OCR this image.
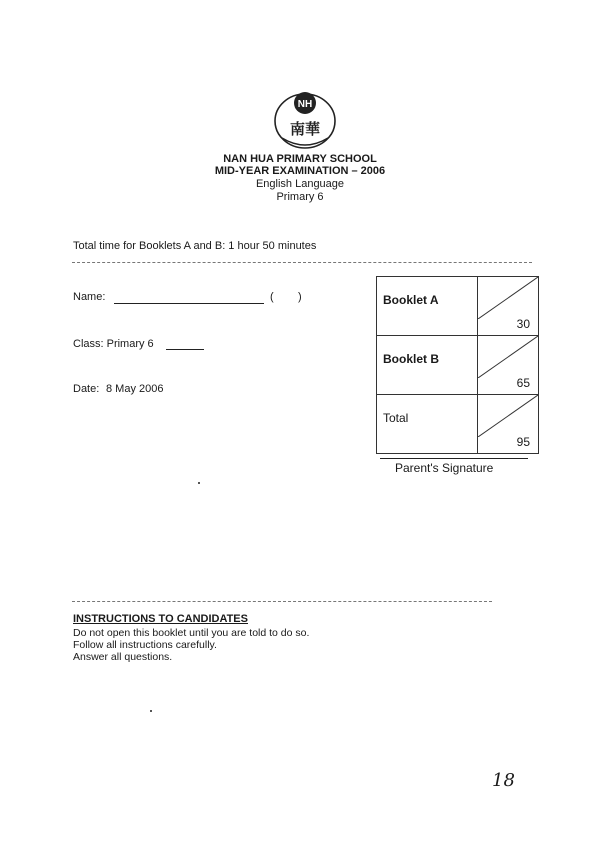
NH
南華
NAN HUA PRIMARY SCHOOL
MID-YEAR EXAMINATION – 2006
English Language
Primary 6
Total time for Booklets A and B: 1 hour 50 minutes
Name:	( )
Class: Primary 6
Date: 8 May 2006
Booklet A	30

Booklet B	65

Total	95
Parent's Signature
INSTRUCTIONS TO CANDIDATES
Do not open this booklet until you are told to do so.
Follow all instructions carefully.
Answer all questions.
18
